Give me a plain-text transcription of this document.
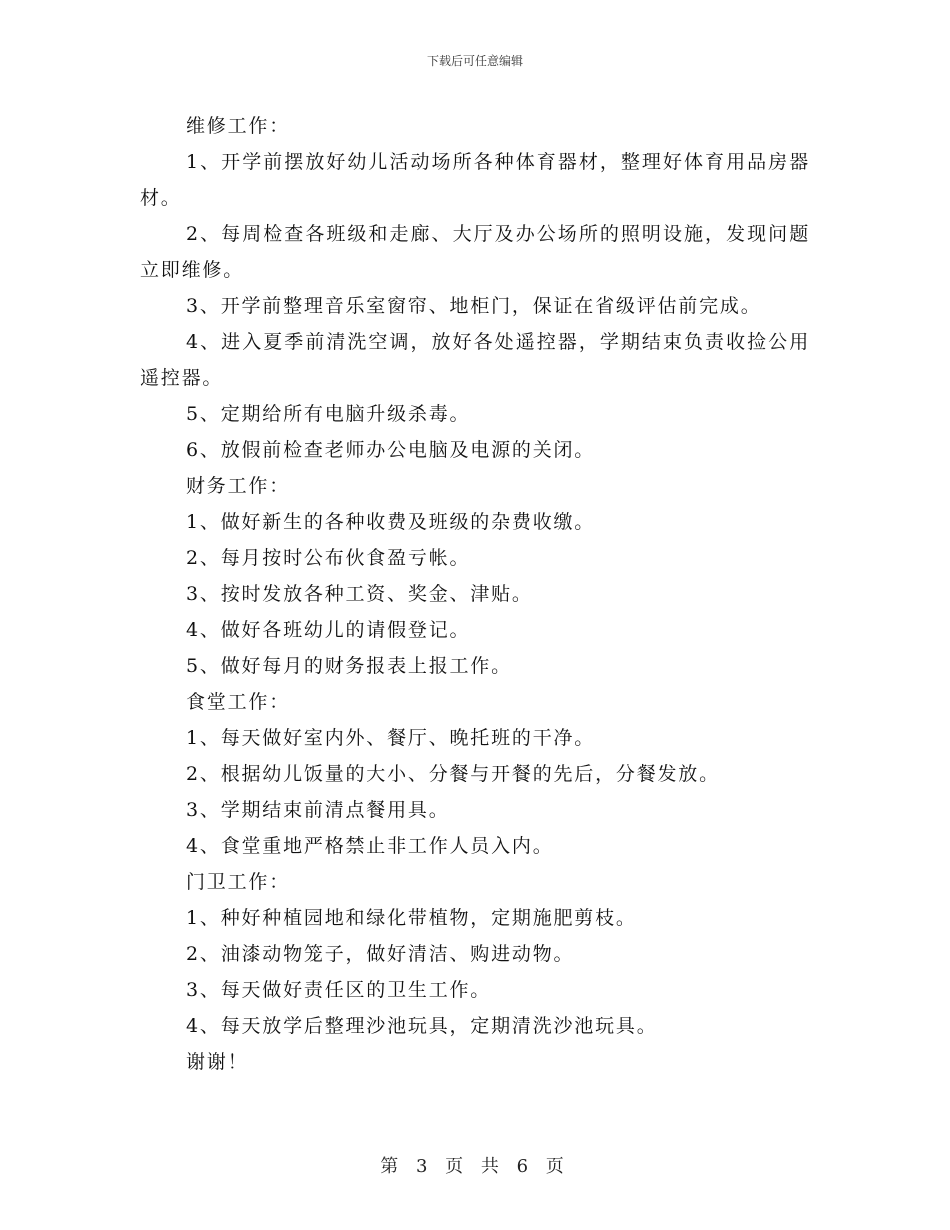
下载后可任意编辑

维修工作：

1、开学前摆放好幼儿活动场所各种体育器材，整理好体育用品房器材。

2、每周检查各班级和走廊、大厅及办公场所的照明设施，发现问题立即维修。

3、开学前整理音乐室窗帘、地柜门，保证在省级评估前完成。

4、进入夏季前清洗空调，放好各处遥控器，学期结束负责收捡公用遥控器。

5、定期给所有电脑升级杀毒。

6、放假前检查老师办公电脑及电源的关闭。

财务工作：

1、做好新生的各种收费及班级的杂费收缴。

2、每月按时公布伙食盈亏帐。

3、按时发放各种工资、奖金、津贴。

4、做好各班幼儿的请假登记。

5、做好每月的财务报表上报工作。

食堂工作：

1、每天做好室内外、餐厅、晚托班的干净。

2、根据幼儿饭量的大小、分餐与开餐的先后，分餐发放。

3、学期结束前清点餐用具。

4、食堂重地严格禁止非工作人员入内。

门卫工作：

1、种好种植园地和绿化带植物，定期施肥剪枝。

2、油漆动物笼子，做好清洁、购进动物。

3、每天做好责任区的卫生工作。

4、每天放学后整理沙池玩具，定期清洗沙池玩具。

谢谢！

第 3 页 共 6 页
